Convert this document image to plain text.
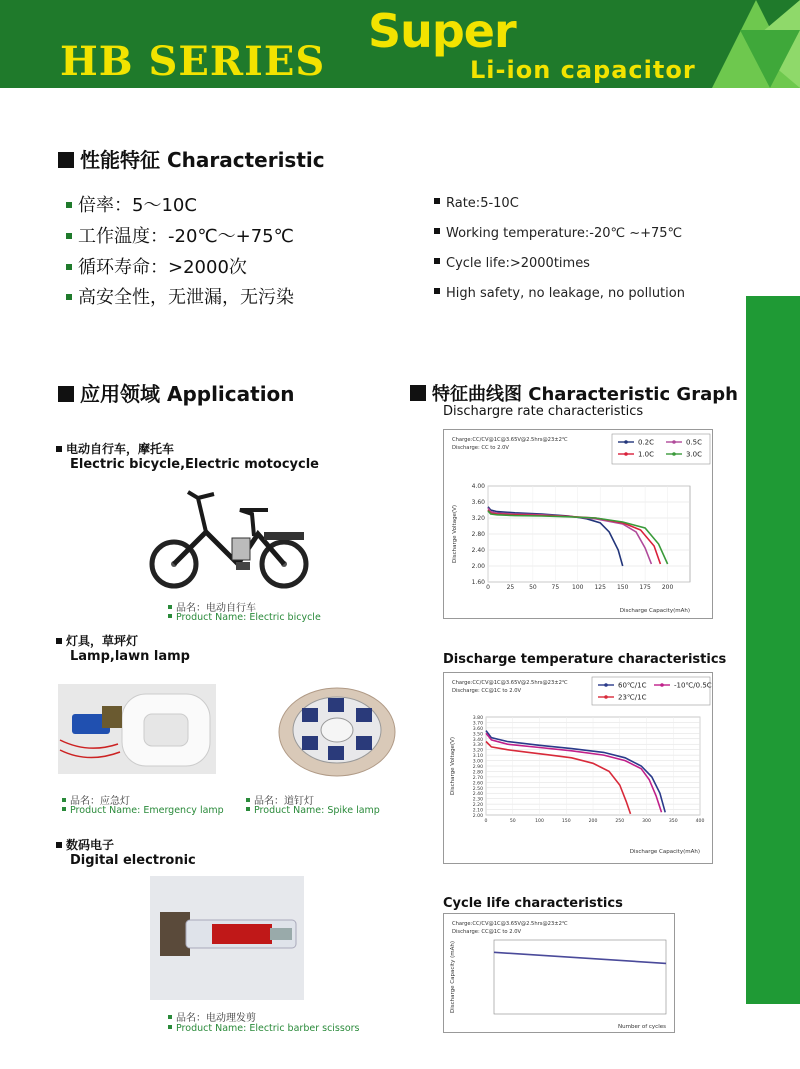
HB SERIES
Super
Li-ion capacitor
性能特征 Characteristic
倍率：5～10C
工作温度：-20℃～+75℃
循环寿命：>2000次
高安全性，无泄漏，无污染
Rate:5-10C
Working temperature:-20℃ ~+75℃
Cycle life:>2000times
High safety, no leakage, no pollution
应用领域 Application
电动自行车，摩托车
Electric bicycle,Electric motocycle
品名：电动自行车
Product Name: Electric bicycle
灯具，草坪灯
Lamp,lawn lamp
品名：应急灯
Product Name: Emergency lamp
品名：道钉灯
Product Name: Spike lamp
数码电子
Digital electronic
品名：电动理发剪
Product Name: Electric barber scissors
特征曲线图 Characteristic Graph
Dischargre rate characteristics
Charge:CC/CV@1C@3.65V@2.5hrs@23±2℃
Discharge: CC to 2.0V
0.2C	0.5C
1.0C	3.0C
4.00
3.60
3.20
2.80
2.40
2.00
1.60
0	25 50 75 100 125 150 175 200
Discharge Capacity(mAh)
Discharge Voltage(V)
Discharge temperature characteristics
Charge:CC/CV@1C@3.65V@2.5hrs@23±2℃
Discharge: CC@1C to 2.0V
60℃/1C	-10℃/0.5C
23℃/1C
3.80
3.70
3.60
3.50
3.40
3.30
3.20
3.10
3.00
2.90
2.80
2.70
2.60
2.50
2.40
2.30
2.20
2.10
2.00
0	50	100	150	200	250	300	350	400
Discharge Capacity(mAh)
Discharge Voltage(V)
Cycle life characteristics
Charge:CC/CV@1C@3.65V@2.5hrs@23±2℃
Discharge: CC@1C to 2.0V
Number of cycles
Discharge Capacity (mAh)
